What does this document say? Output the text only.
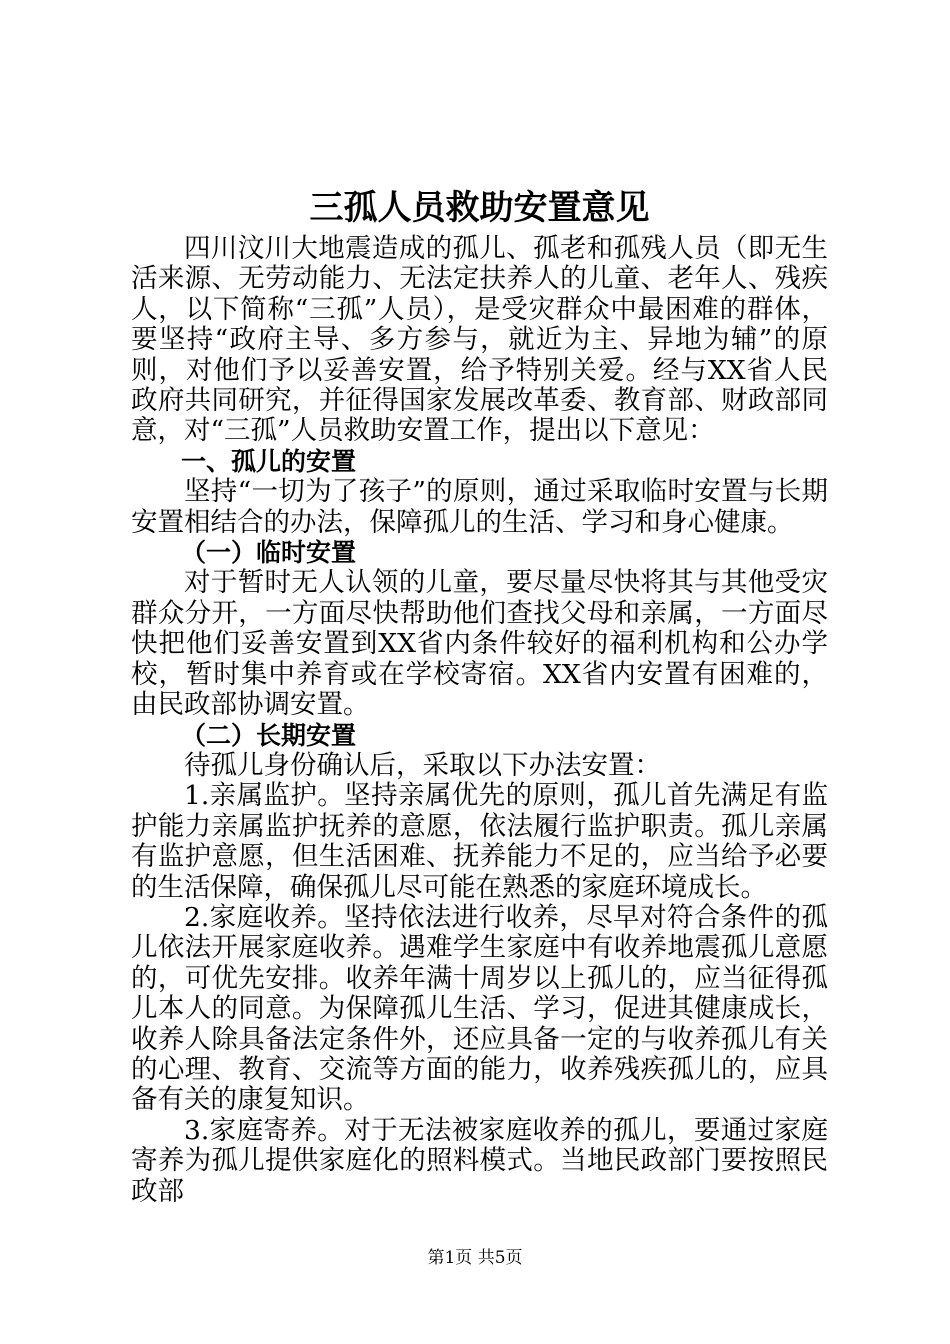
三孤人员救助安置意见

四川汶川大地震造成的孤儿、孤老和孤残人员（即无生活来源、无劳动能力、无法定扶养人的儿童、老年人、残疾人，以下简称“三孤”人员），是受灾群众中最困难的群体，要坚持“政府主导、多方参与，就近为主、异地为辅”的原则，对他们予以妥善安置，给予特别关爱。经与XX省人民政府共同研究，并征得国家发展改革委、教育部、财政部同意，对“三孤”人员救助安置工作，提出以下意见：

一、孤儿的安置

坚持“一切为了孩子”的原则，通过采取临时安置与长期安置相结合的办法，保障孤儿的生活、学习和身心健康。

（一）临时安置

对于暂时无人认领的儿童，要尽量尽快将其与其他受灾群众分开，一方面尽快帮助他们查找父母和亲属，一方面尽快把他们妥善安置到XX省内条件较好的福利机构和公办学校，暂时集中养育或在学校寄宿。XX省内安置有困难的，由民政部协调安置。

（二）长期安置

待孤儿身份确认后，采取以下办法安置：

1.亲属监护。坚持亲属优先的原则，孤儿首先满足有监护能力亲属监护抚养的意愿，依法履行监护职责。孤儿亲属有监护意愿，但生活困难、抚养能力不足的，应当给予必要的生活保障，确保孤儿尽可能在熟悉的家庭环境成长。

2.家庭收养。坚持依法进行收养，尽早对符合条件的孤儿依法开展家庭收养。遇难学生家庭中有收养地震孤儿意愿的，可优先安排。收养年满十周岁以上孤儿的，应当征得孤儿本人的同意。为保障孤儿生活、学习，促进其健康成长，收养人除具备法定条件外，还应具备一定的与收养孤儿有关的心理、教育、交流等方面的能力，收养残疾孤儿的，应具备有关的康复知识。

3.家庭寄养。对于无法被家庭收养的孤儿，要通过家庭寄养为孤儿提供家庭化的照料模式。当地民政部门要按照民政部

第1页 共5页
